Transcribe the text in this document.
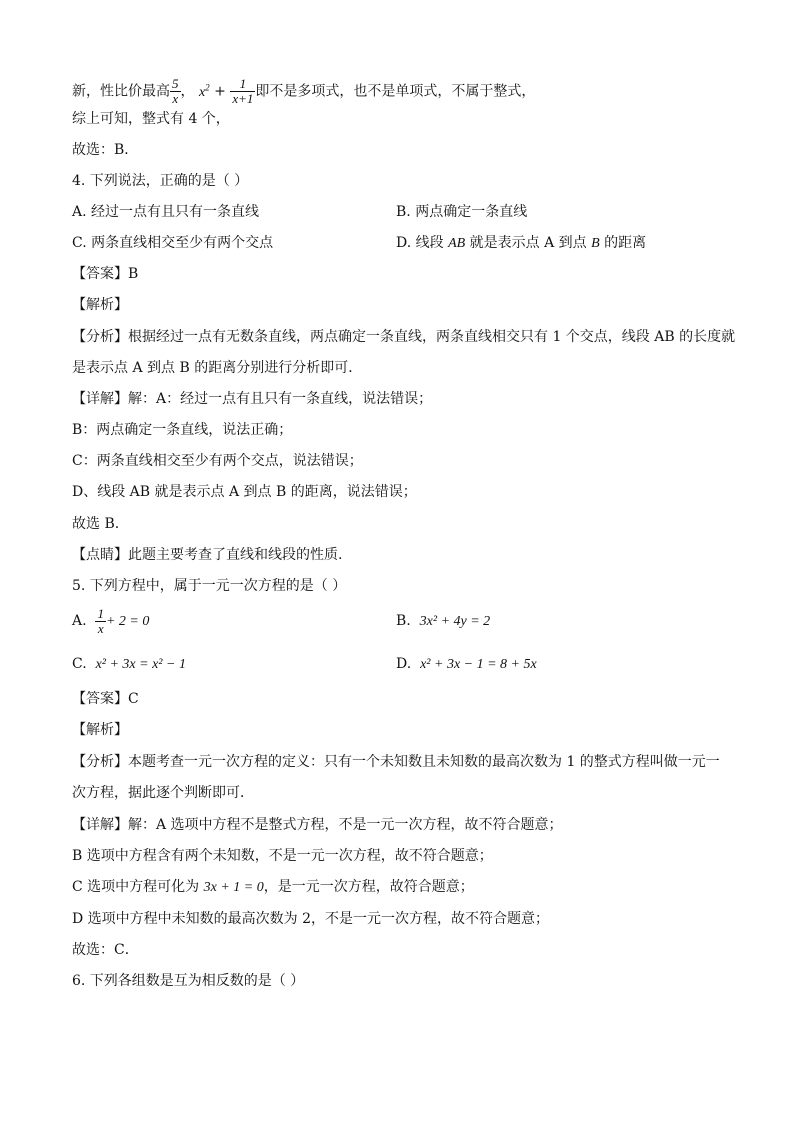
新，性比价最高 $\frac{5}{x}$ ， $x^2 + \frac{1}{x+1}$ 即不是多项式，也不是单项式，不属于整式，
综上可知，整式有 4 个，
故选：B．
4. 下列说法，正确的是（ ）
A. 经过一点有且只有一条直线	B. 两点确定一条直线
C. 两条直线相交至少有两个交点	D. 线段 AB 就是表示点 A 到点 B 的距离
【答案】B
【解析】
【分析】根据经过一点有无数条直线，两点确定一条直线，两条直线相交只有 1 个交点，线段 AB 的长度就
是表示点 A 到点 B 的距离分别进行分析即可．
【详解】解：A：经过一点有且只有一条直线，说法错误；
B：两点确定一条直线，说法正确；
C：两条直线相交至少有两个交点，说法错误；
D、线段 AB 就是表示点 A 到点 B 的距离，说法错误；
故选 B.
【点睛】此题主要考查了直线和线段的性质.
5. 下列方程中，属于一元一次方程的是（ ）
A. $\frac{1}{x} + 2 = 0$	B. 3x² + 4y = 2
C. x² + 3x = x² − 1	D. x² + 3x − 1 = 8 + 5x
【答案】C
【解析】
【分析】本题考查一元一次方程的定义：只有一个未知数且未知数的最高次数为 1 的整式方程叫做一元一
次方程，据此逐个判断即可．
【详解】解：A 选项中方程不是整式方程，不是一元一次方程，故不符合题意；
B 选项中方程含有两个未知数，不是一元一次方程，故不符合题意；
C 选项中方程可化为 3x + 1 = 0，是一元一次方程，故符合题意；
D 选项中方程中未知数的最高次数为 2，不是一元一次方程，故不符合题意；
故选：C．
6. 下列各组数是互为相反数的是（ ）
